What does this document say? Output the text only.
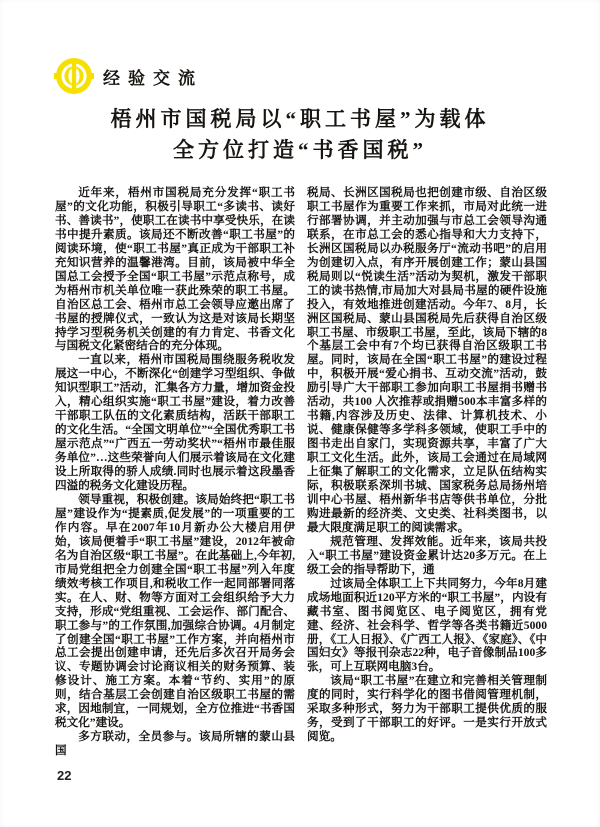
经验交流
梧州市国税局以“职工书屋”为载体
全方位打造“书香国税”

近年来，梧州市国税局充分发挥“职工书屋”的文化功能，积极引导职工“多读书、读好书、善读书”，使职工在读书中享受快乐，在读书中提升素质。该局还不断改善“职工书屋”的阅读环境，使“职工书屋”真正成为干部职工补充知识营养的温馨港湾。目前，该局被中华全国总工会授予全国“职工书屋”示范点称号，成为梧州市机关单位唯一获此殊荣的职工书屋。自治区总工会、梧州市总工会领导应邀出席了书屋的授牌仪式，一致认为这是对该局长期坚持学习型税务机关创建的有力肯定、书香文化与国税文化紧密结合的充分体现。

一直以来，梧州市国税局围绕服务税收发展这一中心，不断深化“创建学习型组织、争做知识型职工”活动，汇集各方力量，增加资金投入，精心组织实施“职工书屋”建设，着力改善干部职工队伍的文化素质结构，活跃干部职工的文化生活。“全国文明单位”“全国优秀职工书屋示范点”“广西五一劳动奖状”“梧州市最佳服务单位”…这些荣誉向人们展示着该局在文化建设上所取得的骄人成绩.同时也展示着这段墨香四溢的税务文化建设历程。

领导重视，积极创建。该局始终把“职工书屋”建设作为“提素质,促发展”的一项重要的工作内容。早在2007年10月新办公大楼启用伊始，该局便着手“职工书屋”建设，2012年被命名为自治区级“职工书屋”。在此基础上,今年初,市局党组把全力创建全国“职工书屋”列入年度绩效考核工作项目,和税收工作一起同部署同落实。在人、财、物等方面对工会组织给予大力支持，形成“党组重视、工会运作、部门配合、职工参与”的工作氛围,加强综合协调。4月制定了创建全国“职工书屋”工作方案，并向梧州市总工会提出创建申请，还先后多次召开局务会议、专题协调会讨论商议相关的财务预算、装修设计、施工方案。本着“节约、实用”的原则，结合基层工会创建自治区级职工书屋的需求，因地制宜，一同规划，全方位推进“书香国税文化”建设。

多方联动，全员参与。该局所辖的蒙山县国

税局、长洲区国税局也把创建市级、自治区级职工书屋作为重要工作来抓，市局对此统一进行部署协调，并主动加强与市总工会领导沟通联系，在市总工会的悉心指导和大力支持下，长洲区国税局以办税服务厅“流动书吧”的启用为创建切入点，有序开展创建工作；蒙山县国税局则以“悦读生活”活动为契机，激发干部职工的读书热情,市局加大对县局书屋的硬件设施投入，有效地推进创建活动。今年7、8月，长洲区国税局、蒙山县国税局先后获得自治区级职工书屋、市级职工书屋，至此，该局下辖的8个基层工会中有7个均已获得自治区级职工书屋。同时，该局在全国“职工书屋”的建设过程中，积极开展“爱心捐书、互动交流”活动，鼓励引导广大干部职工参加向职工书屋捐书赠书活动，共100 人次推荐或捐赠500本丰富多样的书籍,内容涉及历史、法律、计算机技术、小说、健康保健等多学科多领域，使职工手中的图书走出自家门，实现资源共享，丰富了广大职工文化生活。此外，该局工会通过在局域网上征集了解职工的文化需求，立足队伍结构实际，积极联系深圳书城、国家税务总局扬州培训中心书屋、梧州新华书店等供书单位，分批购进最新的经济类、文史类、社科类图书，以最大限度满足职工的阅读需求。

规范管理、发挥效能。近年来，该局共投入“职工书屋”建设资金累计达20多万元。在上级工会的指导帮助下，通

过该局全体职工上下共同努力，今年8月建成场地面积近120平方米的“职工书屋”，内设有藏书室、图书阅览区、电子阅览区，拥有党建、经济、社会科学、哲学等各类书籍近5000册，《工人日报》、《广西工人报》、《家庭》、《中国妇女》等报刊杂志22种，电子音像制品100多张，可上互联网电脑3台。

该局“职工书屋”在建立和完善相关管理制度的同时，实行科学化的图书借阅管理机制，采取多种形式，努力为干部职工提供优质的服务，受到了干部职工的好评。一是实行开放式阅览。

22
